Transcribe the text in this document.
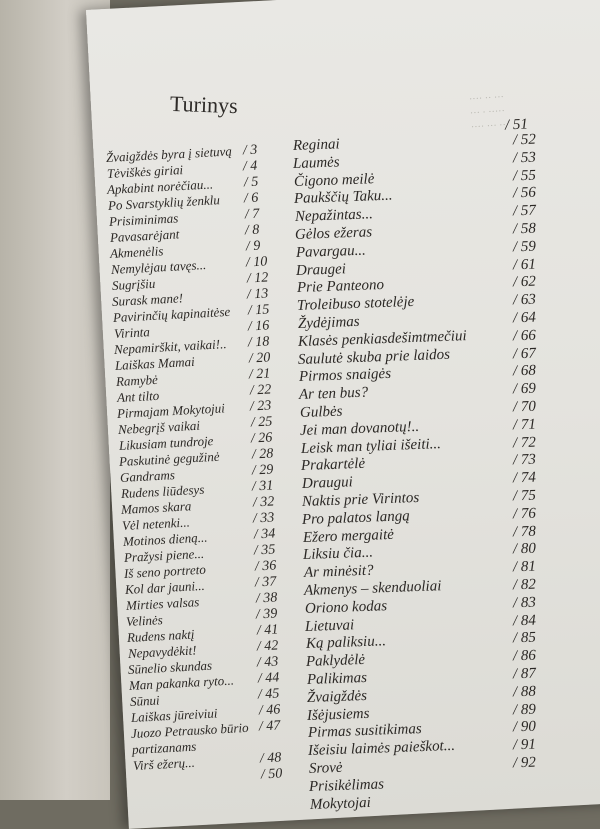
···· ·· ···
··· · ·····
···· ··· ··
Turinys
Žvaigždės byra į sietuvą / 3
Tėviškės giriai	/ 4
Apkabint norėčiau... / 5
Po Svarstyklių ženklu / 6
Prisiminimas	/ 7
Pavasarėjant	/ 8
Akmenėlis	/ 9
Nemylėjau tavęs...	/ 10
Sugrįšiu	/ 12
Surask mane!	/ 13
Pavirinčių kapinaitėse / 15
Virinta	/ 16
Nepamirškit, vaikai!.. / 18
Laiškas Mamai	/ 20
Ramybė	/ 21
Ant tilto	/ 22
Pirmajam Mokytojui / 23
Nebegrįš vaikai	/ 25
Likusiam tundroje	/ 26
Paskutinė gegužinė / 28
Gandrams	/ 29
Rudens liūdesys	/ 31
Mamos skara	/ 32
Vėl netenki...	/ 33
Motinos dieną...	/ 34
Pražysi piene...	/ 35
Iš seno portreto	/ 36
Kol dar jauni...	/ 37
Mirties valsas	/ 38
Velinės	/ 39
Rudens naktį	/ 41
Nepavydėkit!	/ 42
Sūnelio skundas	/ 43
Man pakanka ryto... / 44
Sūnui	/ 45
Laiškas jūreiviui	/ 46
Juozo Petrausko būrio / 47
partizanams
Virš ežerų...	/ 48
/ 50
Reginai	/ 52
Laumės	/ 53
Čigono meilė	/ 55
Paukščių Taku...	/ 56
Nepažintas...	/ 57
Gėlos ežeras	/ 58
Pavargau...	/ 59
Draugei	/ 61
Prie Panteono	/ 62
Troleibuso stotelėje	/ 63
Žydėjimas	/ 64
Klasės penkiasdešimtmečiui	/ 66
Saulutė skuba prie laidos	/ 67
Pirmos snaigės	/ 68
Ar ten bus?	/ 69
Gulbės	/ 70
Jei man dovanotų!..	/ 71
Leisk man tyliai išeiti...	/ 72
Prakartėlė	/ 73
Draugui	/ 74
Naktis prie Virintos	/ 75
Pro palatos langą	/ 76
Ežero mergaitė	/ 78
Liksiu čia...	/ 80
Ar minėsit?	/ 81
Akmenys – skenduoliai	/ 82
Oriono kodas	/ 83
Lietuvai	/ 84
Ką paliksiu...	/ 85
Paklydėlė	/ 86
Palikimas	/ 87
Žvaigždės	/ 88
Išėjusiems	/ 89
Pirmas susitikimas	/ 90
Išeisiu laimės paieškot...	/ 91
Srovė	/ 92
Prisikėlimas
Mokytojai
/ 51
